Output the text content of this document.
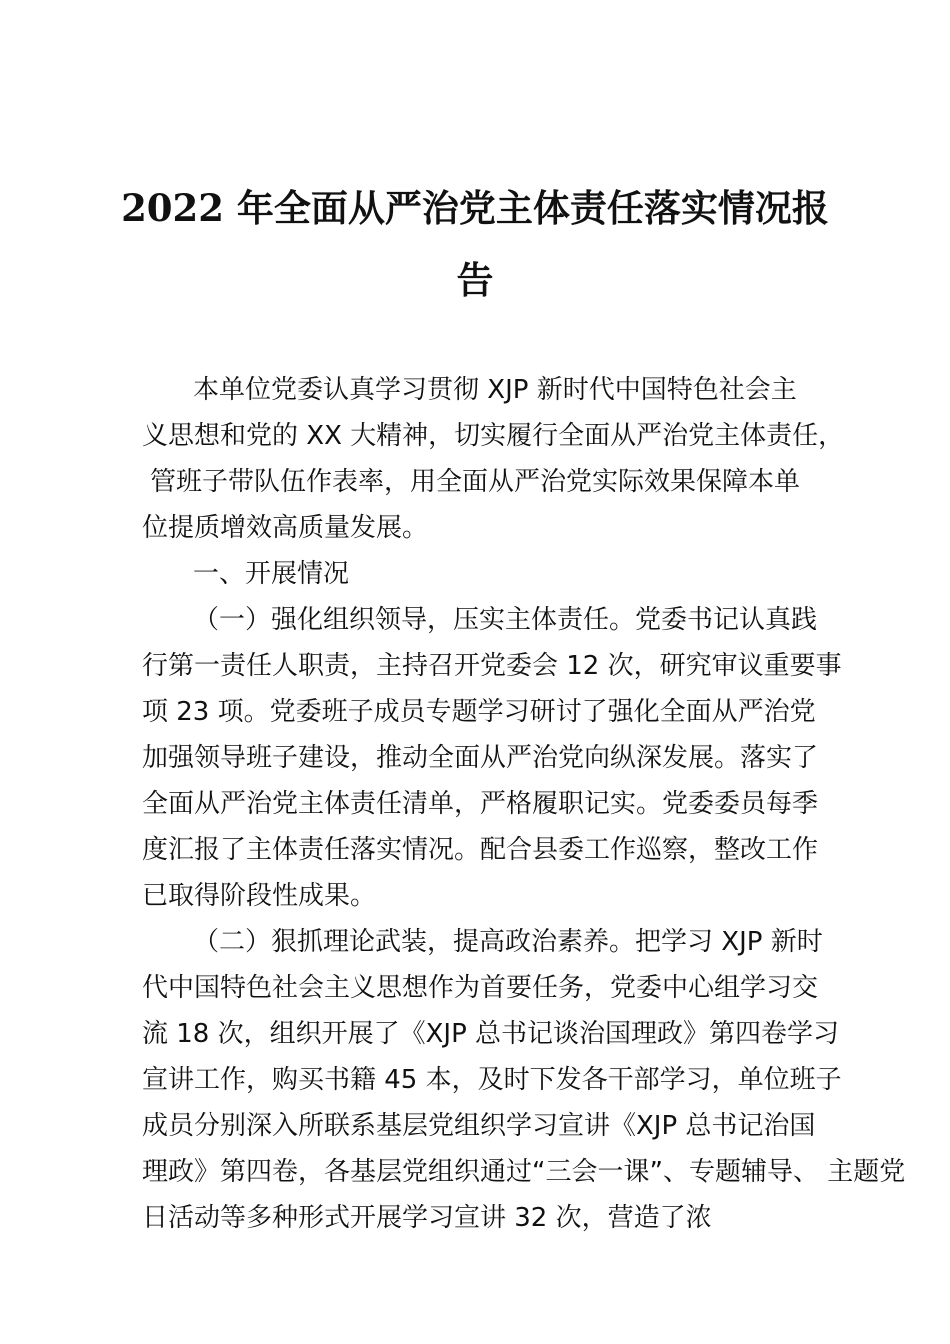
2022 年全面从严治党主体责任落实情况报
告
本单位党委认真学习贯彻 XJP 新时代中国特色社会主
义思想和党的 XX 大精神，切实履行全面从严治党主体责任，
管班子带队伍作表率，用全面从严治党实际效果保障本单
位提质增效高质量发展。
一、开展情况
（一）强化组织领导，压实主体责任。党委书记认真践
行第一责任人职责，主持召开党委会 12 次，研究审议重要事
项 23 项。党委班子成员专题学习研讨了强化全面从严治党
加强领导班子建设，推动全面从严治党向纵深发展。落实了
全面从严治党主体责任清单，严格履职记实。党委委员每季
度汇报了主体责任落实情况。配合县委工作巡察，整改工作
已取得阶段性成果。
（二）狠抓理论武装，提高政治素养。把学习 XJP 新时
代中国特色社会主义思想作为首要任务，党委中心组学习交
流 18 次，组织开展了《XJP 总书记谈治国理政》第四卷学习
宣讲工作，购买书籍 45 本，及时下发各干部学习，单位班子
成员分别深入所联系基层党组织学习宣讲《XJP 总书记治国
理政》第四卷，各基层党组织通过“三会一课”、专题辅导、 主题党
日活动等多种形式开展学习宣讲 32 次，营造了浓
